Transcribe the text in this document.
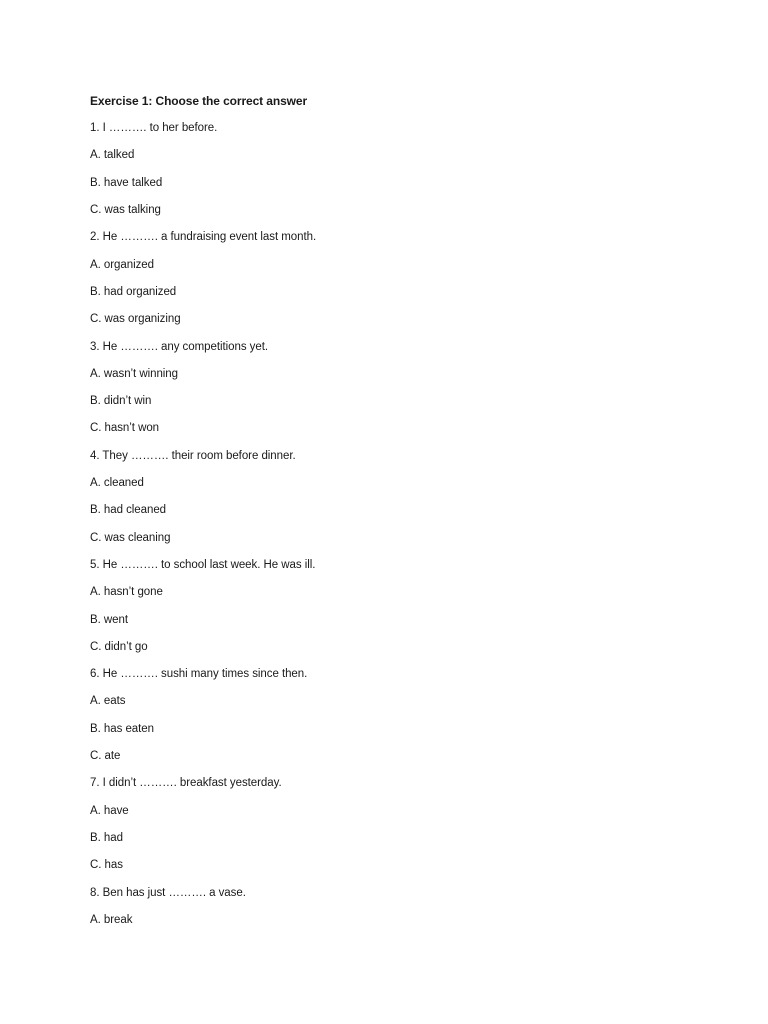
Exercise 1: Choose the correct answer
1. I ………. to her before.
A. talked
B. have talked
C. was talking
2. He ………. a fundraising event last month.
A. organized
B. had organized
C. was organizing
3. He ………. any competitions yet.
A. wasn’t winning
B. didn’t win
C. hasn’t won
4. They ………. their room before dinner.
A. cleaned
B. had cleaned
C. was cleaning
5. He ………. to school last week. He was ill.
A. hasn’t gone
B. went
C. didn’t go
6. He ………. sushi many times since then.
A. eats
B. has eaten
C. ate
7. I didn’t ………. breakfast yesterday.
A. have
B. had
C. has
8. Ben has just ………. a vase.
A. break
